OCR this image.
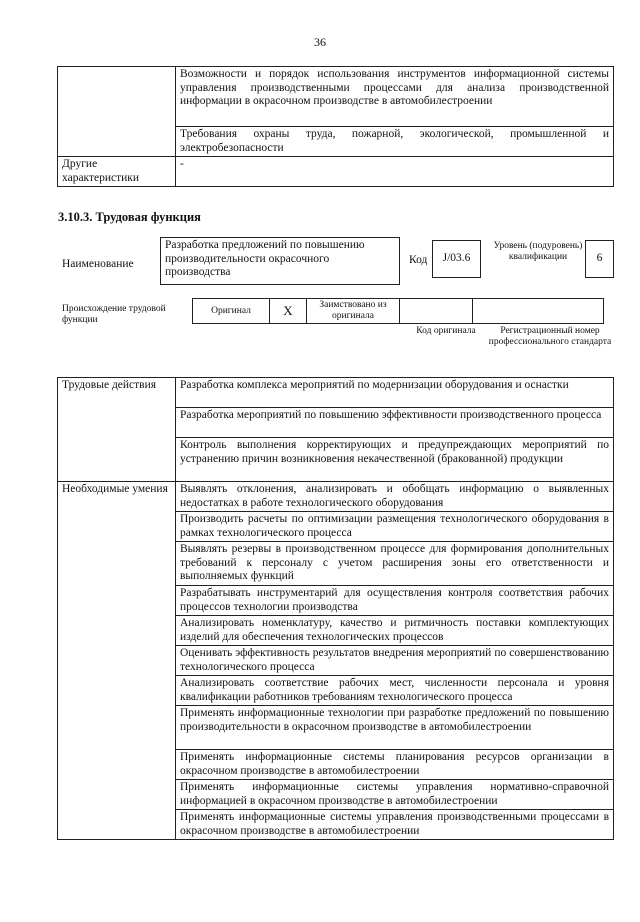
36
	Возможности и порядок использования инструментов информационной системы управления производственными процессами для анализа производственной информации в окрасочном производстве в автомобилестроении
	Требования охраны труда, пожарной, экологической, промышленной и электробезопасности
Другие характеристики	-
3.10.3. Трудовая функция
Наименование
Разработка предложений по повышению производительности окрасочного производства
Код	J/03.6
Уровень (подуровень) квалификации	6
Происхождение трудовой функции
Оригинал	X	Заимствовано из оригинала		
Код оригинала	Регистрационный номер профессионального стандарта
Трудовые действия	Разработка комплекса мероприятий по модернизации оборудования и оснастки
	Разработка мероприятий по повышению эффективности производственного процесса
	Контроль выполнения корректирующих и предупреждающих мероприятий по устранению причин возникновения некачественной (бракованной) продукции
Необходимые умения	Выявлять отклонения, анализировать и обобщать информацию о выявленных недостатках в работе технологического оборудования
	Производить расчеты по оптимизации размещения технологического оборудования в рамках технологического процесса
	Выявлять резервы в производственном процессе для формирования дополнительных требований к персоналу с учетом расширения зоны его ответственности и выполняемых функций
	Разрабатывать инструментарий для осуществления контроля соответствия рабочих процессов технологии производства
	Анализировать номенклатуру, качество и ритмичность поставки комплектующих изделий для обеспечения технологических процессов
	Оценивать эффективность результатов внедрения мероприятий по совершенствованию технологического процесса
	Анализировать соответствие рабочих мест, численности персонала и уровня квалификации работников требованиям технологического процесса
	Применять информационные технологии при разработке предложений по повышению производительности в окрасочном производстве в автомобилестроении
	Применять информационные системы планирования ресурсов организации в окрасочном производстве в автомобилестроении
	Применять информационные системы управления нормативно-справочной информацией в окрасочном производстве в автомобилестроении
	Применять информационные системы управления производственными процессами в окрасочном производстве в автомобилестроении
